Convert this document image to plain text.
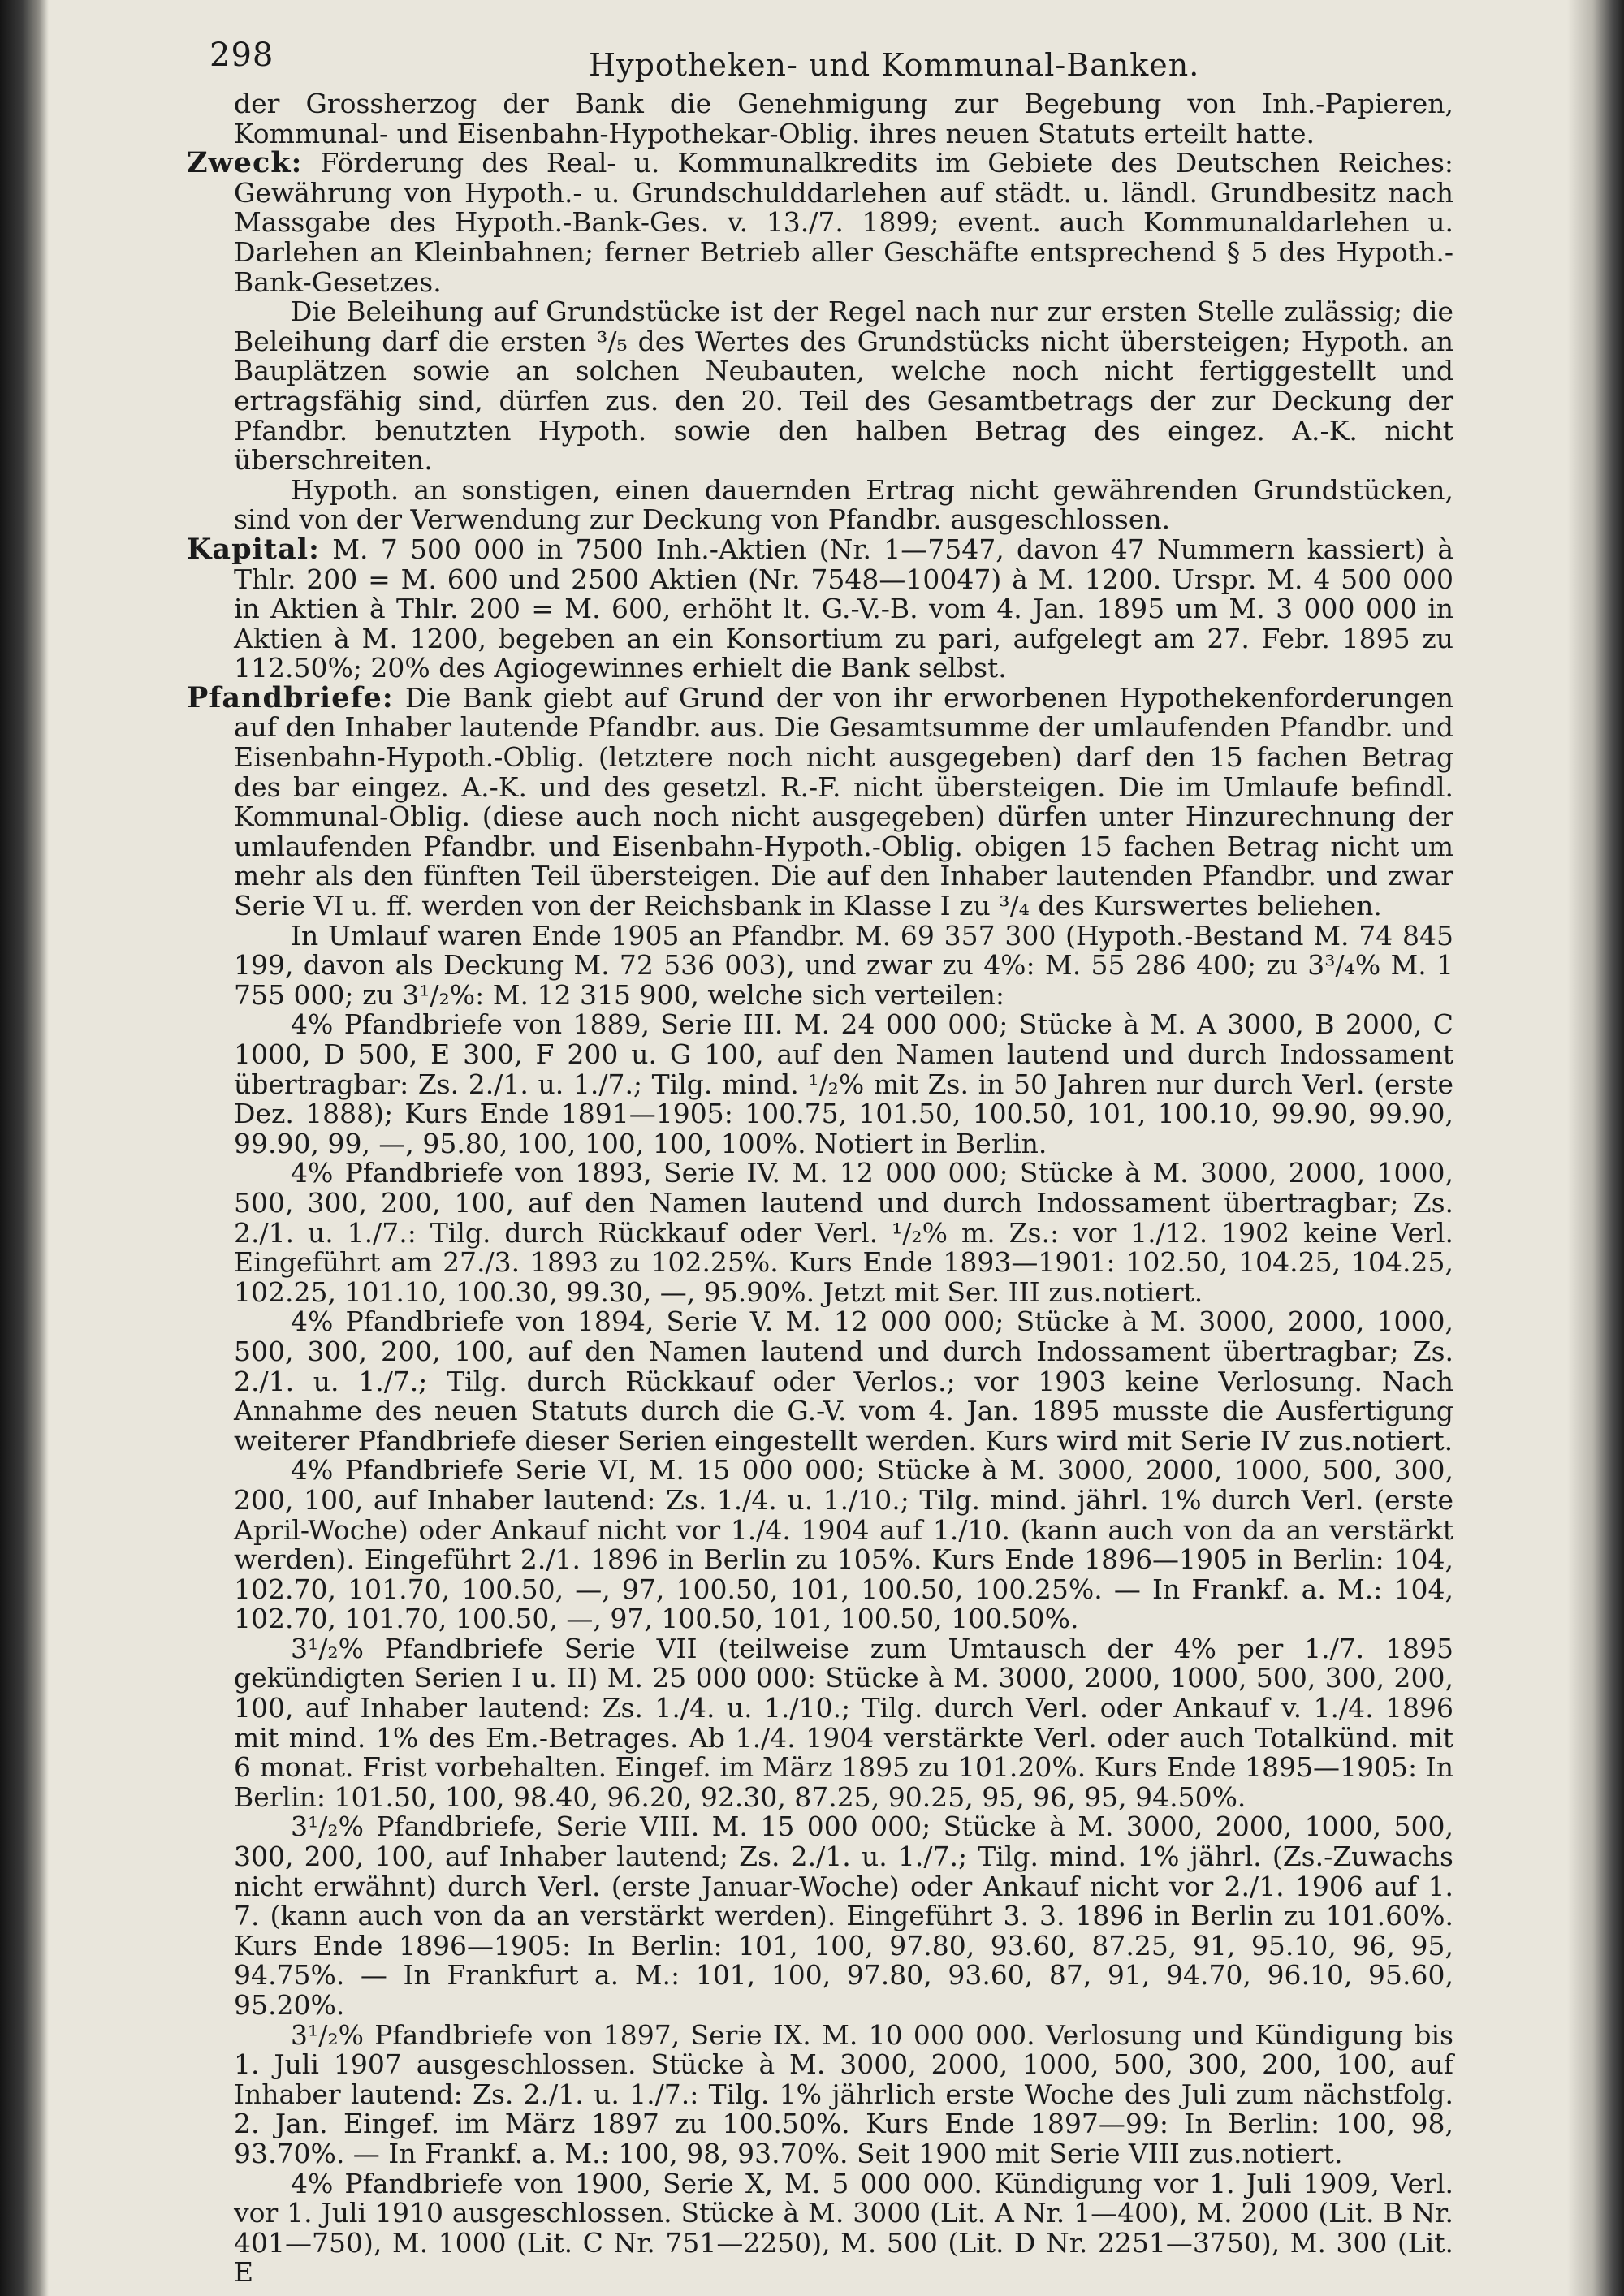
298	Hypotheken- und Kommunal-Banken.

der Grossherzog der Bank die Genehmigung zur Begebung von Inh.-Papieren, Kommunal- und Eisenbahn-Hypothekar-Oblig. ihres neuen Statuts erteilt hatte.

Zweck: Förderung des Real- u. Kommunalkredits im Gebiete des Deutschen Reiches: Gewährung von Hypoth.- u. Grundschulddarlehen auf städt. u. ländl. Grundbesitz nach Massgabe des Hypoth.-Bank-Ges. v. 13./7. 1899; event. auch Kommunaldarlehen u. Darlehen an Kleinbahnen; ferner Betrieb aller Geschäfte entsprechend § 5 des Hypoth.-Bank-Gesetzes.

Die Beleihung auf Grundstücke ist der Regel nach nur zur ersten Stelle zulässig; die Beleihung darf die ersten ³/₅ des Wertes des Grundstücks nicht übersteigen; Hypoth. an Bauplätzen sowie an solchen Neubauten, welche noch nicht fertiggestellt und ertragsfähig sind, dürfen zus. den 20. Teil des Gesamtbetrags der zur Deckung der Pfandbr. benutzten Hypoth. sowie den halben Betrag des eingez. A.-K. nicht überschreiten.

Hypoth. an sonstigen, einen dauernden Ertrag nicht gewährenden Grundstücken, sind von der Verwendung zur Deckung von Pfandbr. ausgeschlossen.

Kapital: M. 7 500 000 in 7500 Inh.-Aktien (Nr. 1—7547, davon 47 Nummern kassiert) à Thlr. 200 = M. 600 und 2500 Aktien (Nr. 7548—10047) à M. 1200. Urspr. M. 4 500 000 in Aktien à Thlr. 200 = M. 600, erhöht lt. G.-V.-B. vom 4. Jan. 1895 um M. 3 000 000 in Aktien à M. 1200, begeben an ein Konsortium zu pari, aufgelegt am 27. Febr. 1895 zu 112.50%; 20% des Agiogewinnes erhielt die Bank selbst.

Pfandbriefe: Die Bank giebt auf Grund der von ihr erworbenen Hypothekenforderungen auf den Inhaber lautende Pfandbr. aus. Die Gesamtsumme der umlaufenden Pfandbr. und Eisenbahn-Hypoth.-Oblig. (letztere noch nicht ausgegeben) darf den 15 fachen Betrag des bar eingez. A.-K. und des gesetzl. R.-F. nicht übersteigen. Die im Umlaufe befindl. Kommunal-Oblig. (diese auch noch nicht ausgegeben) dürfen unter Hinzurechnung der umlaufenden Pfandbr. und Eisenbahn-Hypoth.-Oblig. obigen 15 fachen Betrag nicht um mehr als den fünften Teil übersteigen. Die auf den Inhaber lautenden Pfandbr. und zwar Serie VI u. ff. werden von der Reichsbank in Klasse I zu ³/₄ des Kurswertes beliehen.

In Umlauf waren Ende 1905 an Pfandbr. M. 69 357 300 (Hypoth.-Bestand M. 74 845 199, davon als Deckung M. 72 536 003), und zwar zu 4%: M. 55 286 400; zu 3³/₄% M. 1 755 000; zu 3¹/₂%: M. 12 315 900, welche sich verteilen:

4% Pfandbriefe von 1889, Serie III. M. 24 000 000; Stücke à M. A 3000, B 2000, C 1000, D 500, E 300, F 200 u. G 100, auf den Namen lautend und durch Indossament übertragbar: Zs. 2./1. u. 1./7.; Tilg. mind. ¹/₂% mit Zs. in 50 Jahren nur durch Verl. (erste Dez. 1888); Kurs Ende 1891—1905: 100.75, 101.50, 100.50, 101, 100.10, 99.90, 99.90, 99.90, 99, —, 95.80, 100, 100, 100, 100%. Notiert in Berlin.

4% Pfandbriefe von 1893, Serie IV. M. 12 000 000; Stücke à M. 3000, 2000, 1000, 500, 300, 200, 100, auf den Namen lautend und durch Indossament übertragbar; Zs. 2./1. u. 1./7.: Tilg. durch Rückkauf oder Verl. ¹/₂% m. Zs.: vor 1./12. 1902 keine Verl. Eingeführt am 27./3. 1893 zu 102.25%. Kurs Ende 1893—1901: 102.50, 104.25, 104.25, 102.25, 101.10, 100.30, 99.30, —, 95.90%. Jetzt mit Ser. III zus.notiert.

4% Pfandbriefe von 1894, Serie V. M. 12 000 000; Stücke à M. 3000, 2000, 1000, 500, 300, 200, 100, auf den Namen lautend und durch Indossament übertragbar; Zs. 2./1. u. 1./7.; Tilg. durch Rückkauf oder Verlos.; vor 1903 keine Verlosung. Nach Annahme des neuen Statuts durch die G.-V. vom 4. Jan. 1895 musste die Ausfertigung weiterer Pfandbriefe dieser Serien eingestellt werden. Kurs wird mit Serie IV zus.notiert.

4% Pfandbriefe Serie VI, M. 15 000 000; Stücke à M. 3000, 2000, 1000, 500, 300, 200, 100, auf Inhaber lautend: Zs. 1./4. u. 1./10.; Tilg. mind. jährl. 1% durch Verl. (erste April-Woche) oder Ankauf nicht vor 1./4. 1904 auf 1./10. (kann auch von da an verstärkt werden). Eingeführt 2./1. 1896 in Berlin zu 105%. Kurs Ende 1896—1905 in Berlin: 104, 102.70, 101.70, 100.50, —, 97, 100.50, 101, 100.50, 100.25%. — In Frankf. a. M.: 104, 102.70, 101.70, 100.50, —, 97, 100.50, 101, 100.50, 100.50%.

3¹/₂% Pfandbriefe Serie VII (teilweise zum Umtausch der 4% per 1./7. 1895 gekündigten Serien I u. II) M. 25 000 000: Stücke à M. 3000, 2000, 1000, 500, 300, 200, 100, auf Inhaber lautend: Zs. 1./4. u. 1./10.; Tilg. durch Verl. oder Ankauf v. 1./4. 1896 mit mind. 1% des Em.-Betrages. Ab 1./4. 1904 verstärkte Verl. oder auch Totalkünd. mit 6 monat. Frist vorbehalten. Eingef. im März 1895 zu 101.20%. Kurs Ende 1895—1905: In Berlin: 101.50, 100, 98.40, 96.20, 92.30, 87.25, 90.25, 95, 96, 95, 94.50%.

3¹/₂% Pfandbriefe, Serie VIII. M. 15 000 000; Stücke à M. 3000, 2000, 1000, 500, 300, 200, 100, auf Inhaber lautend; Zs. 2./1. u. 1./7.; Tilg. mind. 1% jährl. (Zs.-Zuwachs nicht erwähnt) durch Verl. (erste Januar-Woche) oder Ankauf nicht vor 2./1. 1906 auf 1. 7. (kann auch von da an verstärkt werden). Eingeführt 3. 3. 1896 in Berlin zu 101.60%. Kurs Ende 1896—1905: In Berlin: 101, 100, 97.80, 93.60, 87.25, 91, 95.10, 96, 95, 94.75%. — In Frankfurt a. M.: 101, 100, 97.80, 93.60, 87, 91, 94.70, 96.10, 95.60, 95.20%.

3¹/₂% Pfandbriefe von 1897, Serie IX. M. 10 000 000. Verlosung und Kündigung bis 1. Juli 1907 ausgeschlossen. Stücke à M. 3000, 2000, 1000, 500, 300, 200, 100, auf Inhaber lautend: Zs. 2./1. u. 1./7.: Tilg. 1% jährlich erste Woche des Juli zum nächstfolg. 2. Jan. Eingef. im März 1897 zu 100.50%. Kurs Ende 1897—99: In Berlin: 100, 98, 93.70%. — In Frankf. a. M.: 100, 98, 93.70%. Seit 1900 mit Serie VIII zus.notiert.

4% Pfandbriefe von 1900, Serie X, M. 5 000 000. Kündigung vor 1. Juli 1909, Verl. vor 1. Juli 1910 ausgeschlossen. Stücke à M. 3000 (Lit. A Nr. 1—400), M. 2000 (Lit. B Nr. 401—750), M. 1000 (Lit. C Nr. 751—2250), M. 500 (Lit. D Nr. 2251—3750), M. 300 (Lit. E
